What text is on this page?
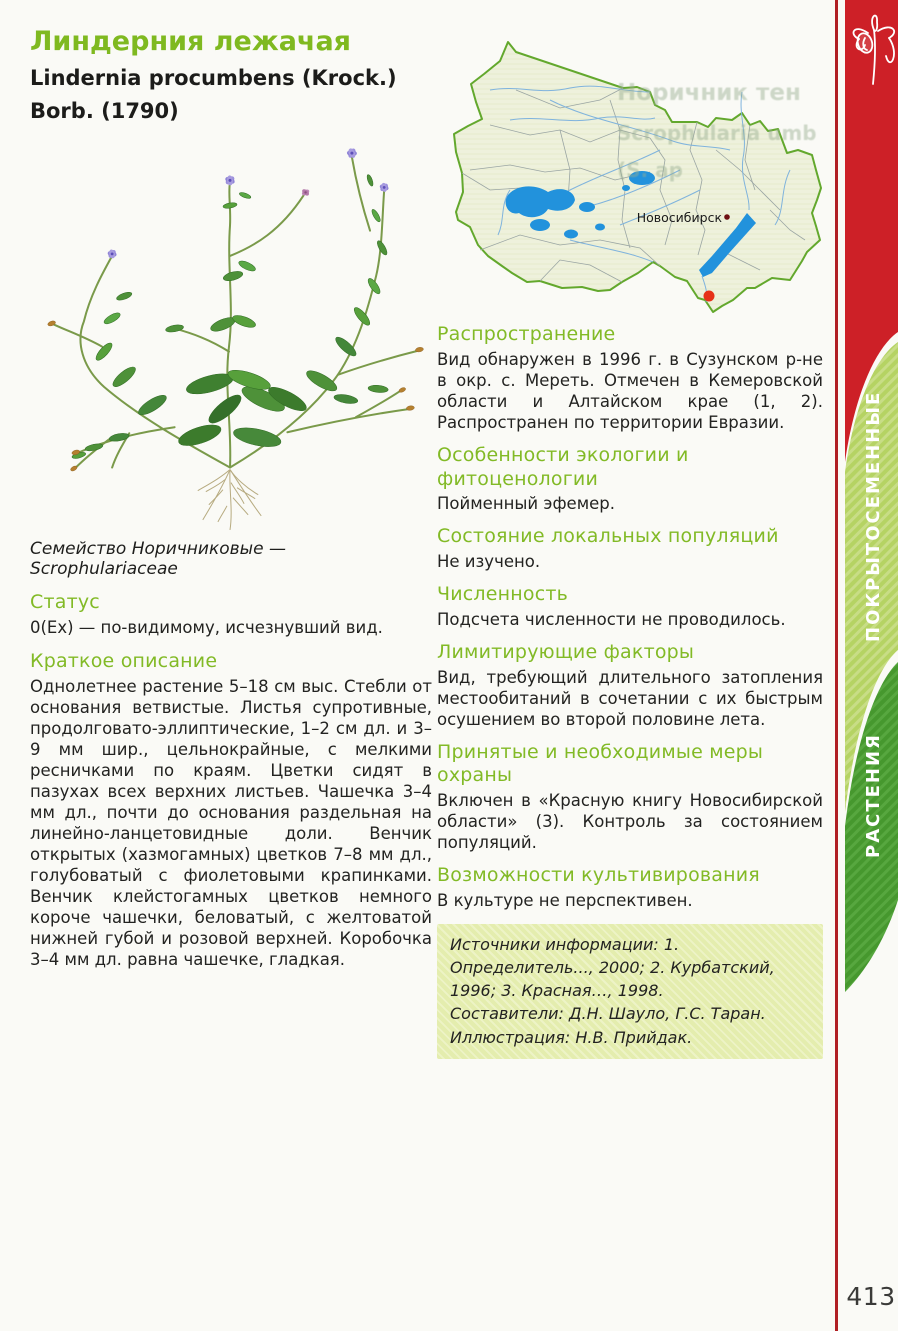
Линдерния лежачая
Lindernia procumbens (Krock.)
Borb. (1790)
Семейство Норичниковые — Scrophulariaceae
Статус

0(Ex) — по-видимому, исчезнувший вид.

Краткое описание

Однолетнее растение 5–18 см выс. Стебли от основания ветвистые. Листья супротивные, продолговато-эллиптические, 1–2 см дл. и 3–9 мм шир., цельнокрайные, с мелкими ресничками по краям. Цветки сидят в пазухах всех верхних листьев. Чашечка 3–4 мм дл., почти до основания раздельная на линейно-ланцетовидные доли. Венчик открытых (хазмогамных) цветков 7–8 мм дл., голубоватый с фиолетовыми крапинками. Венчик клейстогамных цветков немного короче чашечки, беловатый, с желтоватой нижней губой и розовой верхней. Коробочка 3–4 мм дл. равна чашечке, гладкая.

Новосибирск
Норичник тен
Scrophularia umb
(S. ap
Распространение

Вид обнаружен в 1996 г. в Сузунском р-не в окр. с. Мереть. Отмечен в Кемеровской области и Алтайском крае (1, 2). Распространен по территории Евразии.

Особенности экологии и фитоценологии

Пойменный эфемер.

Состояние локальных популяций

Не изучено.

Численность

Подсчета численности не проводилось.

Лимитирующие факторы

Вид, требующий длительного затопления местообитаний в сочетании с их быстрым осушением во второй половине лета.

Принятые и необходимые меры охраны

Включен в «Красную книгу Новосибирской области» (3). Контроль за состоянием популяций.

Возможности культивирования

В культуре не перспективен.

Источники информации: 1. Определитель..., 2000; 2. Курбатский, 1996; 3. Красная…, 1998.

Составители: Д.Н. Шауло, Г.С. Таран.

Иллюстрация: Н.В. Прийдак.

ПОКРЫТОСЕМЕННЫЕ
РАСТЕНИЯ
413
